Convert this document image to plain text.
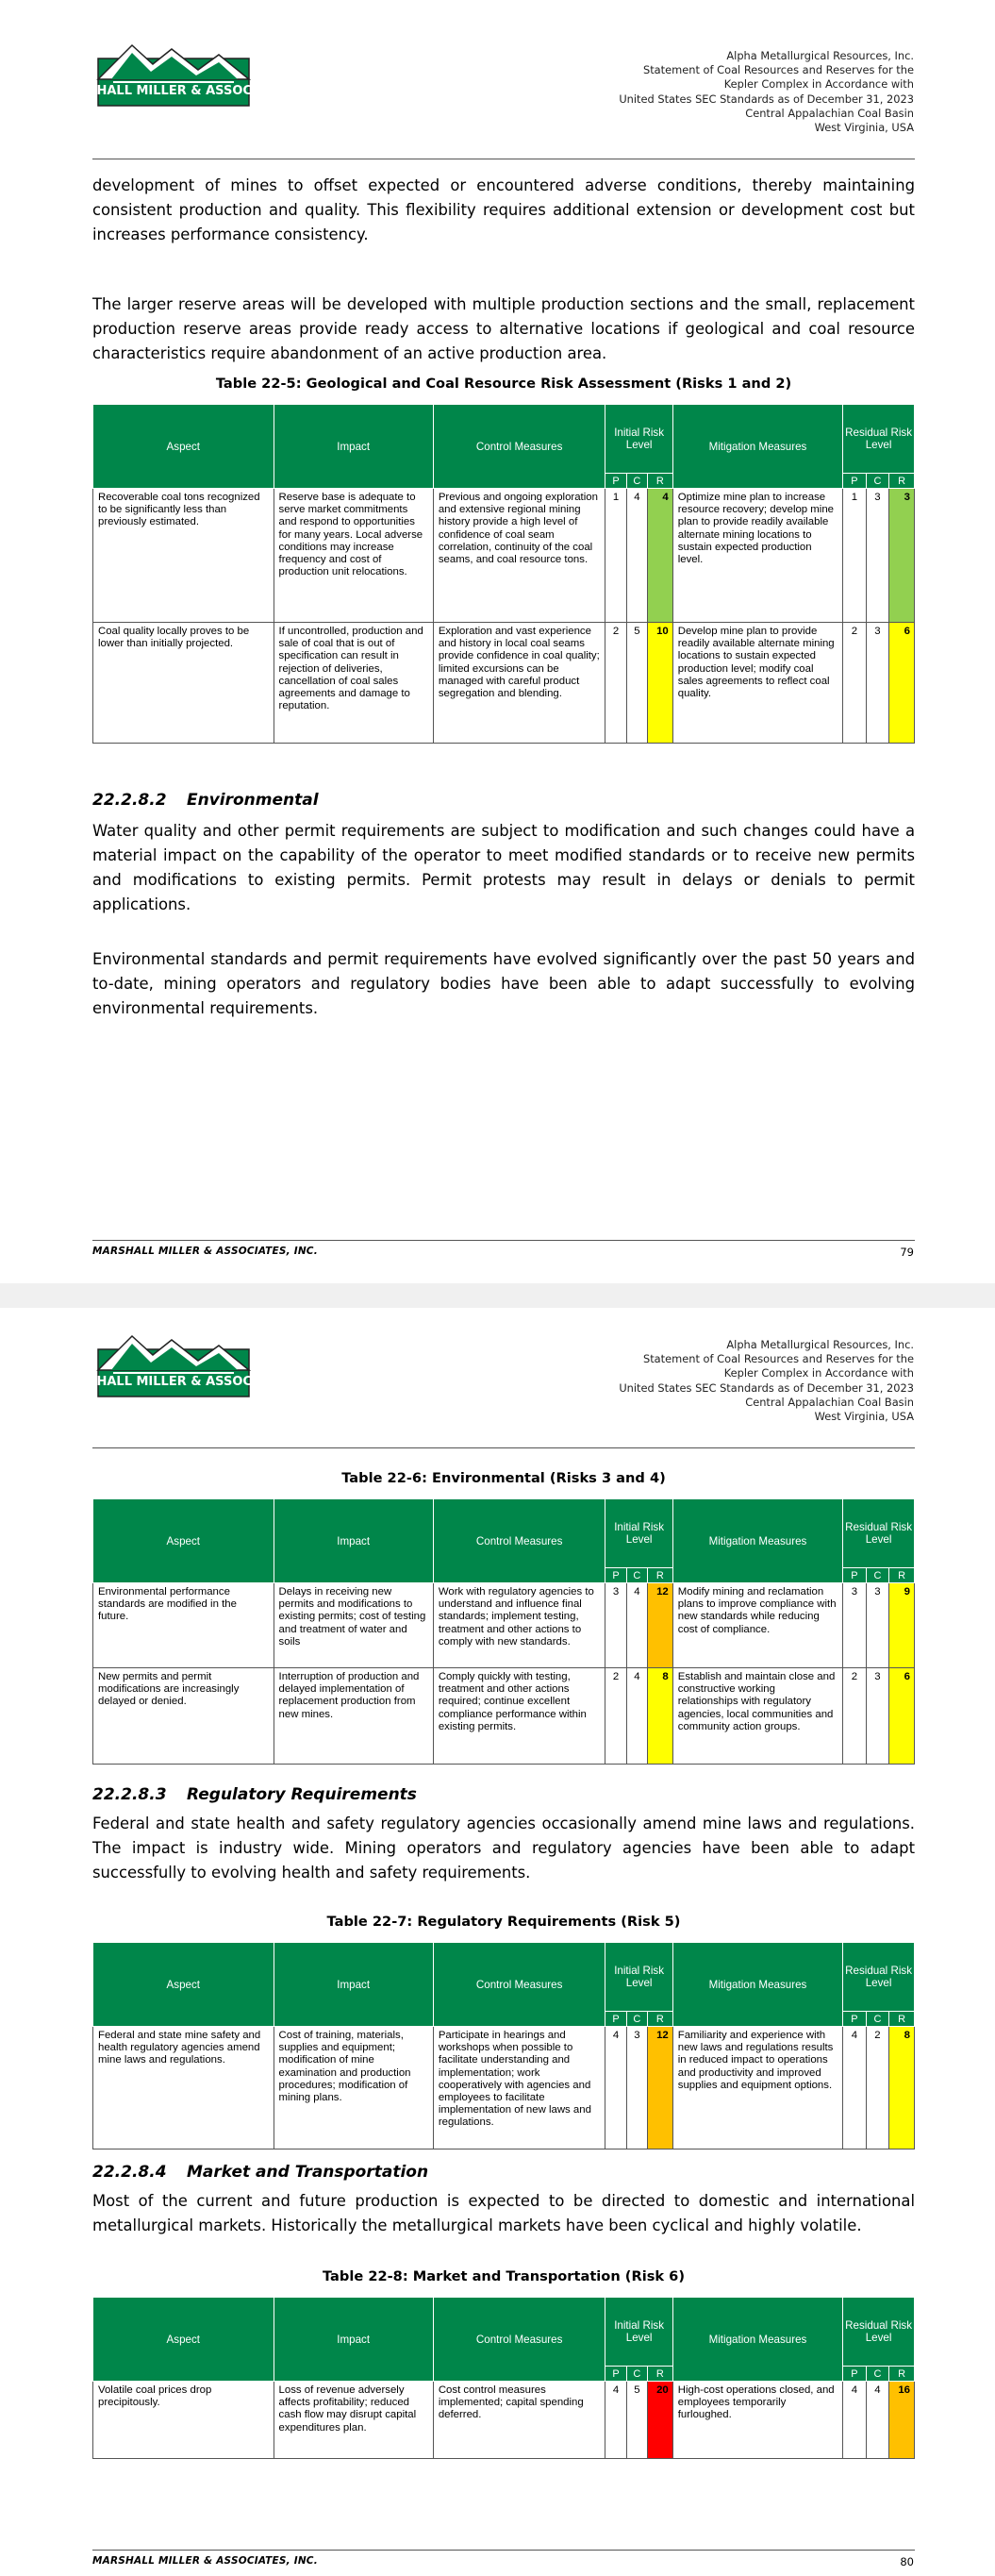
MARSHALL MILLER & ASSOCIATES
Alpha Metallurgical Resources, Inc.
Statement of Coal Resources and Reserves for the
Kepler Complex in Accordance with
United States SEC Standards as of December 31, 2023
Central Appalachian Coal Basin
West Virginia, USA

development of mines to offset expected or encountered adverse conditions, thereby maintaining consistent production and quality. This flexibility requires additional extension or development cost but increases performance consistency.

The larger reserve areas will be developed with multiple production sections and the small, replacement production reserve areas provide ready access to alternative locations if geological and coal resource characteristics require abandonment of an active production area.

Table 22-5: Geological and Coal Resource Risk Assessment (Risks 1 and 2)
Aspect	Impact	Control Measures	Initial Risk Level			Mitigation Measures	Residual Risk Level		
			P	C	R		P	C	R
Recoverable coal tons recognized to be significantly less than previously estimated.	Reserve base is adequate to serve market commitments and respond to opportunities for many years. Local adverse conditions may increase frequency and cost of production unit relocations.	Previous and ongoing exploration and extensive regional mining history provide a high level of confidence of coal seam correlation, continuity of the coal seams, and coal resource tons.	1	4	4	Optimize mine plan to increase resource recovery; develop mine plan to provide readily available alternate mining locations to sustain expected production level.	1	3	3
Coal quality locally proves to be lower than initially projected.	If uncontrolled, production and sale of coal that is out of specification can result in rejection of deliveries, cancellation of coal sales agreements and damage to reputation.	Exploration and vast experience and history in local coal seams provide confidence in coal quality; limited excursions can be managed with careful product segregation and blending.	2	5	10	Develop mine plan to provide readily available alternate mining locations to sustain expected production level; modify coal sales agreements to reflect coal quality.	2	3	6
22.2.8.2 Environmental

Water quality and other permit requirements are subject to modification and such changes could have a material impact on the capability of the operator to meet modified standards or to receive new permits and modifications to existing permits. Permit protests may result in delays or denials to permit applications.

Environmental standards and permit requirements have evolved significantly over the past 50 years and to-date, mining operators and regulatory bodies have been able to adapt successfully to evolving environmental requirements.

MARSHALL MILLER & ASSOCIATES, INC.	79
MARSHALL MILLER & ASSOCIATES
Alpha Metallurgical Resources, Inc.
Statement of Coal Resources and Reserves for the
Kepler Complex in Accordance with
United States SEC Standards as of December 31, 2023
Central Appalachian Coal Basin
West Virginia, USA
Table 22-6: Environmental (Risks 3 and 4)
Aspect	Impact	Control Measures	Initial Risk Level			Mitigation Measures	Residual Risk Level		
			P	C	R		P	C	R
Environmental performance standards are modified in the future.	Delays in receiving new permits and modifications to existing permits; cost of testing and treatment of water and soils	Work with regulatory agencies to understand and influence final standards; implement testing, treatment and other actions to comply with new standards.	3	4	12	Modify mining and reclamation plans to improve compliance with new standards while reducing cost of compliance.	3	3	9
New permits and permit modifications are increasingly delayed or denied.	Interruption of production and delayed implementation of replacement production from new mines.	Comply quickly with testing, treatment and other actions required; continue excellent compliance performance within existing permits.	2	4	8	Establish and maintain close and constructive working relationships with regulatory agencies, local communities and community action groups.	2	3	6
22.2.8.3 Regulatory Requirements

Federal and state health and safety regulatory agencies occasionally amend mine laws and regulations. The impact is industry wide. Mining operators and regulatory agencies have been able to adapt successfully to evolving health and safety requirements.

Table 22-7: Regulatory Requirements (Risk 5)
Aspect	Impact	Control Measures	Initial Risk Level			Mitigation Measures	Residual Risk Level		
			P	C	R		P	C	R
Federal and state mine safety and health regulatory agencies amend mine laws and regulations.	Cost of training, materials, supplies and equipment; modification of mine examination and production procedures; modification of mining plans.	Participate in hearings and workshops when possible to facilitate understanding and implementation; work cooperatively with agencies and employees to facilitate implementation of new laws and regulations.	4	3	12	Familiarity and experience with new laws and regulations results in reduced impact to operations and productivity and improved supplies and equipment options.	4	2	8
22.2.8.4 Market and Transportation

Most of the current and future production is expected to be directed to domestic and international metallurgical markets. Historically the metallurgical markets have been cyclical and highly volatile.

Table 22-8: Market and Transportation (Risk 6)
Aspect	Impact	Control Measures	Initial Risk Level			Mitigation Measures	Residual Risk Level		
			P	C	R		P	C	R
Volatile coal prices drop precipitously.	Loss of revenue adversely affects profitability; reduced cash flow may disrupt capital expenditures plan.	Cost control measures implemented; capital spending deferred.	4	5	20	High-cost operations closed, and employees temporarily furloughed.	4	4	16
MARSHALL MILLER & ASSOCIATES, INC.	80
